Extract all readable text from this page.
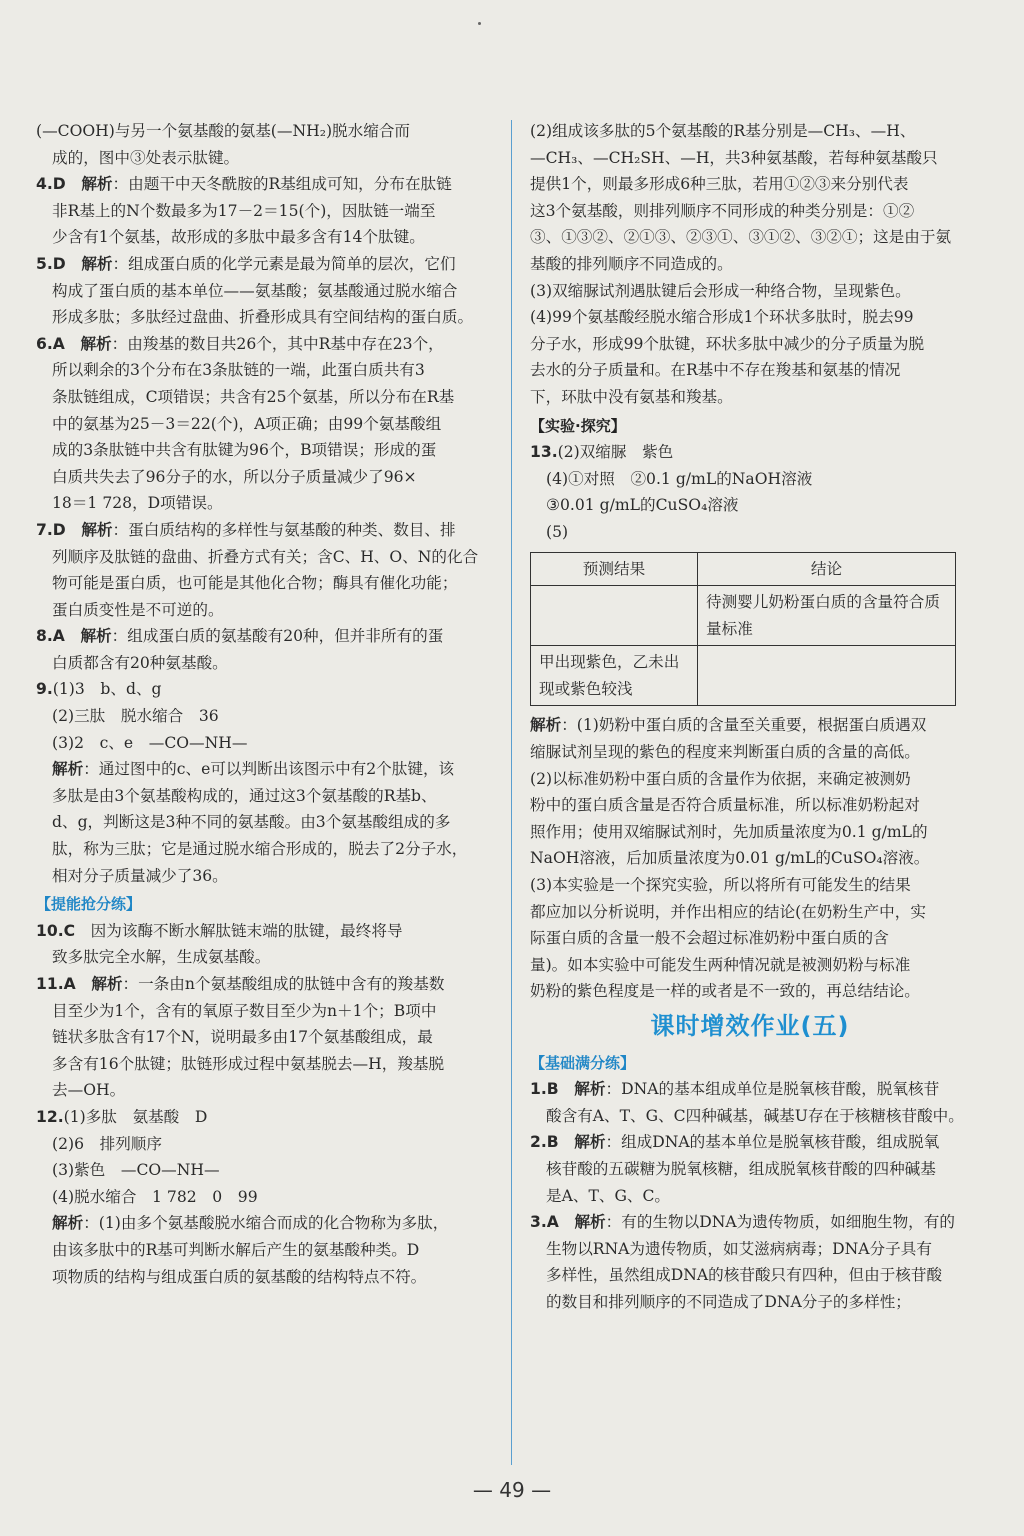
(—COOH)与另一个氨基酸的氨基(—NH₂)脱水缩合而

成的，图中③处表示肽键。

4.D　 解析：由题干中天冬酰胺的R基组成可知，分布在肽链

非R基上的N个数最多为17－2＝15(个)，因肽链一端至

少含有1个氨基，故形成的多肽中最多含有14个肽键。

5.D　 解析：组成蛋白质的化学元素是最为简单的层次，它们

构成了蛋白质的基本单位——氨基酸；氨基酸通过脱水缩合

形成多肽；多肽经过盘曲、折叠形成具有空间结构的蛋白质。

6.A　 解析：由羧基的数目共26个，其中R基中存在23个，

所以剩余的3个分布在3条肽链的一端，此蛋白质共有3

条肽链组成，C项错误；共含有25个氨基，所以分布在R基

中的氨基为25－3＝22(个)，A项正确；由99个氨基酸组

成的3条肽链中共含有肽键为96个，B项错误；形成的蛋

白质共失去了96分子的水，所以分子质量减少了96×

18＝1 728，D项错误。

7.D　 解析：蛋白质结构的多样性与氨基酸的种类、数目、排

列顺序及肽链的盘曲、折叠方式有关；含C、H、O、N的化合

物可能是蛋白质，也可能是其他化合物；酶具有催化功能；

蛋白质变性是不可逆的。

8.A　 解析：组成蛋白质的氨基酸有20种，但并非所有的蛋

白质都含有20种氨基酸。

9.(1)3　b、d、g

(2)三肽　脱水缩合　36

(3)2　c、e　—CO—NH—

解析：通过图中的c、e可以判断出该图示中有2个肽键，该

多肽是由3个氨基酸构成的，通过这3个氨基酸的R基b、

d、g，判断这是3种不同的氨基酸。由3个氨基酸组成的多

肽，称为三肽；它是通过脱水缩合形成的，脱去了2分子水，

相对分子质量减少了36。

【提能抢分练】

10.C　因为该酶不断水解肽链末端的肽键，最终将导

致多肽完全水解，生成氨基酸。

11.A　 解析：一条由n个氨基酸组成的肽链中含有的羧基数

目至少为1个，含有的氧原子数目至少为n＋1个；B项中

链状多肽含有17个N，说明最多由17个氨基酸组成，最

多含有16个肽键；肽链形成过程中氨基脱去—H，羧基脱

去—OH。

12.(1)多肽　氨基酸　D

(2)6　排列顺序

(3)紫色　—CO—NH—

(4)脱水缩合　1 782　0　99

解析：(1)由多个氨基酸脱水缩合而成的化合物称为多肽，

由该多肽中的R基可判断水解后产生的氨基酸种类。D

项物质的结构与组成蛋白质的氨基酸的结构特点不符。

(2)组成该多肽的5个氨基酸的R基分别是—CH₃、—H、

—CH₃、—CH₂SH、—H，共3种氨基酸，若每种氨基酸只

提供1个，则最多形成6种三肽，若用①②③来分别代表

这3个氨基酸，则排列顺序不同形成的种类分别是：①②

③、①③②、②①③、②③①、③①②、③②①；这是由于氨

基酸的排列顺序不同造成的。

(3)双缩脲试剂遇肽键后会形成一种络合物，呈现紫色。

(4)99个氨基酸经脱水缩合形成1个环状多肽时，脱去99

分子水，形成99个肽键，环状多肽中减少的分子质量为脱

去水的分子质量和。在R基中不存在羧基和氨基的情况

下，环肽中没有氨基和羧基。

【实验·探究】

13.(2)双缩脲　紫色

(4)①对照　②0.1 g/mL的NaOH溶液

③0.01 g/mL的CuSO₄溶液

(5)

预测结果	结论
	待测婴儿奶粉蛋白质的含量符合质量标准
甲出现紫色，乙未出现或紫色较浅	

解析：(1)奶粉中蛋白质的含量至关重要，根据蛋白质遇双

缩脲试剂呈现的紫色的程度来判断蛋白质的含量的高低。

(2)以标准奶粉中蛋白质的含量作为依据，来确定被测奶

粉中的蛋白质含量是否符合质量标准，所以标准奶粉起对

照作用；使用双缩脲试剂时，先加质量浓度为0.1 g/mL的

NaOH溶液，后加质量浓度为0.01 g/mL的CuSO₄溶液。

(3)本实验是一个探究实验，所以将所有可能发生的结果

都应加以分析说明，并作出相应的结论(在奶粉生产中，实

际蛋白质的含量一般不会超过标准奶粉中蛋白质的含

量)。如本实验中可能发生两种情况就是被测奶粉与标准

奶粉的紫色程度是一样的或者是不一致的，再总结结论。

课时增效作业(五)

【基础满分练】

1.B　 解析：DNA的基本组成单位是脱氧核苷酸，脱氧核苷

酸含有A、T、G、C四种碱基，碱基U存在于核糖核苷酸中。

2.B　 解析：组成DNA的基本单位是脱氧核苷酸，组成脱氧

核苷酸的五碳糖为脱氧核糖，组成脱氧核苷酸的四种碱基

是A、T、G、C。

3.A　 解析：有的生物以DNA为遗传物质，如细胞生物，有的

生物以RNA为遗传物质，如艾滋病病毒；DNA分子具有

多样性，虽然组成DNA的核苷酸只有四种，但由于核苷酸

的数目和排列顺序的不同造成了DNA分子的多样性；

— 49 —
